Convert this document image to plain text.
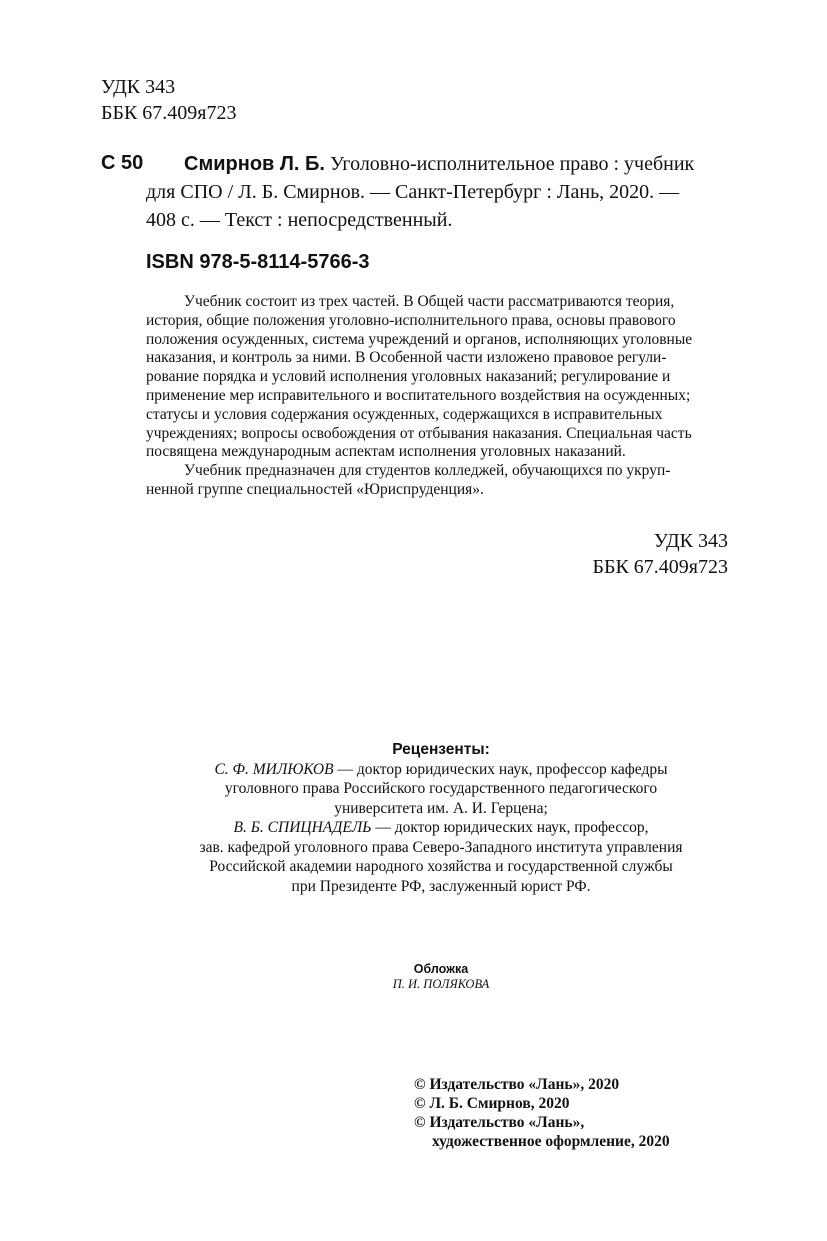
УДК 343
ББК 67.409я723
С 50 Смирнов Л. Б. Уголовно-исполнительное право : учебник
для СПО / Л. Б. Смирнов. — Санкт-Петербург : Лань, 2020. —
408 с. — Текст : непосредственный.
ISBN 978-5-8114-5766-3

Учебник состоит из трех частей. В Общей части рассматриваются теория,
история, общие положения уголовно-исполнительного права, основы правового
положения осужденных, система учреждений и органов, исполняющих уголовные
наказания, и контроль за ними. В Особенной части изложено правовое регули-
рование порядка и условий исполнения уголовных наказаний; регулирование и
применение мер исправительного и воспитательного воздействия на осужденных;
статусы и условия содержания осужденных, содержащихся в исправительных
учреждениях; вопросы освобождения от отбывания наказания. Специальная часть
посвящена международным аспектам исполнения уголовных наказаний.

Учебник предназначен для студентов колледжей, обучающихся по укруп-
ненной группе специальностей «Юриспруденция».

УДК 343
ББК 67.409я723
Рецензенты:
С. Ф. МИЛЮКОВ — доктор юридических наук, профессор кафедры
уголовного права Российского государственного педагогического
университета им. А. И. Герцена;
В. Б. СПИЦНАДЕЛЬ — доктор юридических наук, профессор,
зав. кафедрой уголовного права Северо-Западного института управления
Российской академии народного хозяйства и государственной службы
при Президенте РФ, заслуженный юрист РФ.
Обложка
П. И. ПОЛЯКОВА
© Издательство «Лань», 2020
© Л. Б. Смирнов, 2020
© Издательство «Лань»,
художественное оформление, 2020
